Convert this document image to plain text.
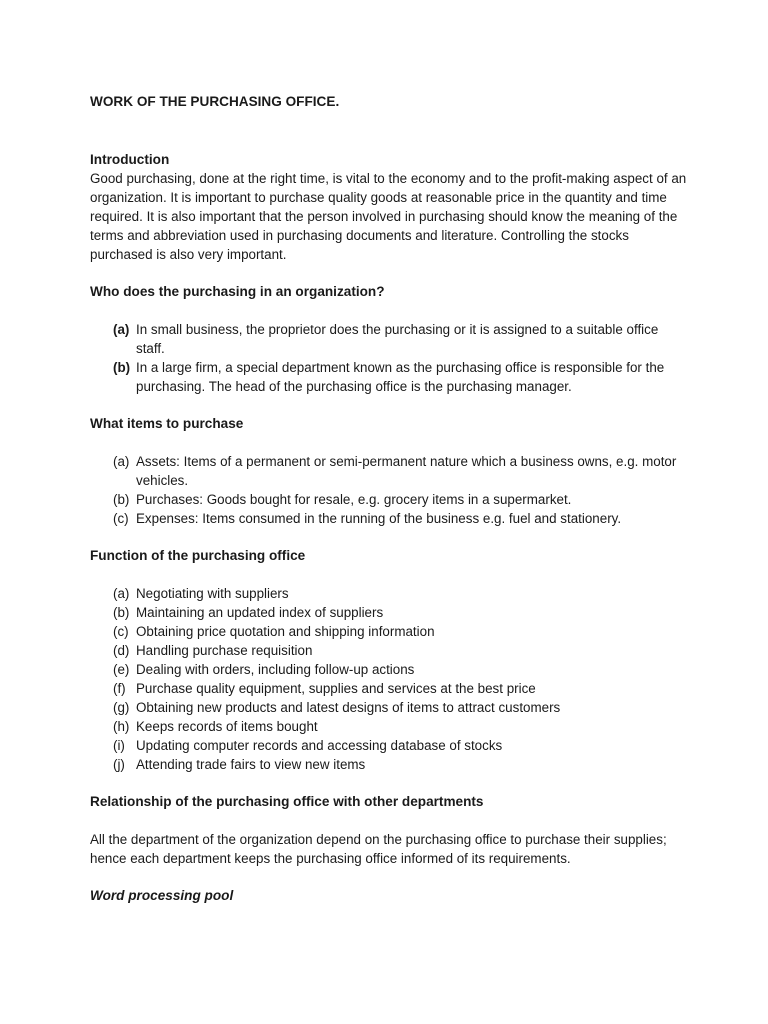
WORK OF THE PURCHASING OFFICE.

Introduction

Good purchasing, done at the right time, is vital to the economy and to the profit-making aspect of an organization. It is important to purchase quality goods at reasonable price in the quantity and time required. It is also important that the person involved in purchasing should know the meaning of the terms and abbreviation used in purchasing documents and literature. Controlling the stocks purchased is also very important.

Who does the purchasing in an organization?

(a) In small business, the proprietor does the purchasing or it is assigned to a suitable office staff.
(b) In a large firm, a special department known as the purchasing office is responsible for the purchasing. The head of the purchasing office is the purchasing manager.

What items to purchase

(a) Assets: Items of a permanent or semi-permanent nature which a business owns, e.g. motor vehicles.
(b) Purchases: Goods bought for resale, e.g. grocery items in a supermarket.
(c) Expenses: Items consumed in the running of the business e.g. fuel and stationery.

Function of the purchasing office

(a) Negotiating with suppliers
(b) Maintaining an updated index of suppliers
(c) Obtaining price quotation and shipping information
(d) Handling purchase requisition
(e) Dealing with orders, including follow-up actions
(f) Purchase quality equipment, supplies and services at the best price
(g) Obtaining new products and latest designs of items to attract customers
(h) Keeps records of items bought
(i) Updating computer records and accessing database of stocks
(j) Attending trade fairs to view new items

Relationship of the purchasing office with other departments

All the department of the organization depend on the purchasing office to purchase their supplies; hence each department keeps the purchasing office informed of its requirements.

Word processing pool
